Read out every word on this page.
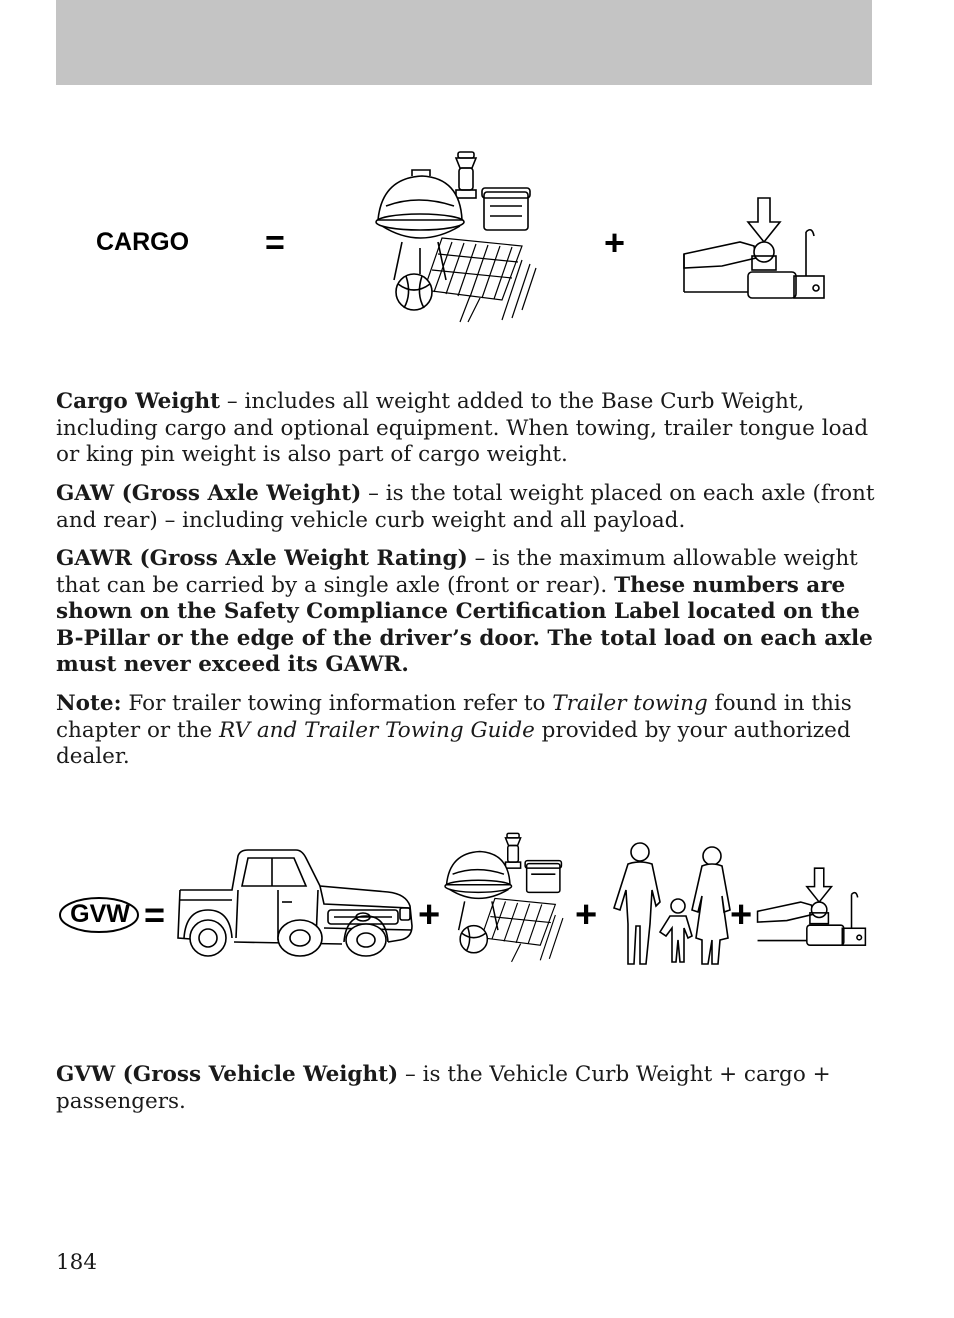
CARGO =	+

Cargo Weight – includes all weight added to the Base Curb Weight, including cargo and optional equipment. When towing, trailer tongue load or king pin weight is also part of cargo weight.

GAW (Gross Axle Weight) – is the total weight placed on each axle (front and rear) – including vehicle curb weight and all payload.

GAWR (Gross Axle Weight Rating) – is the maximum allowable weight that can be carried by a single axle (front or rear). These numbers are shown on the Safety Compliance Certification Label located on the B-Pillar or the edge of the driver’s door. The total load on each axle must never exceed its GAWR.

Note: For trailer towing information refer to Trailer towing found in this chapter or the RV and Trailer Towing Guide provided by your authorized dealer.

GVW =	+	+	+

GVW (Gross Vehicle Weight) – is the Vehicle Curb Weight + cargo + passengers.

184
